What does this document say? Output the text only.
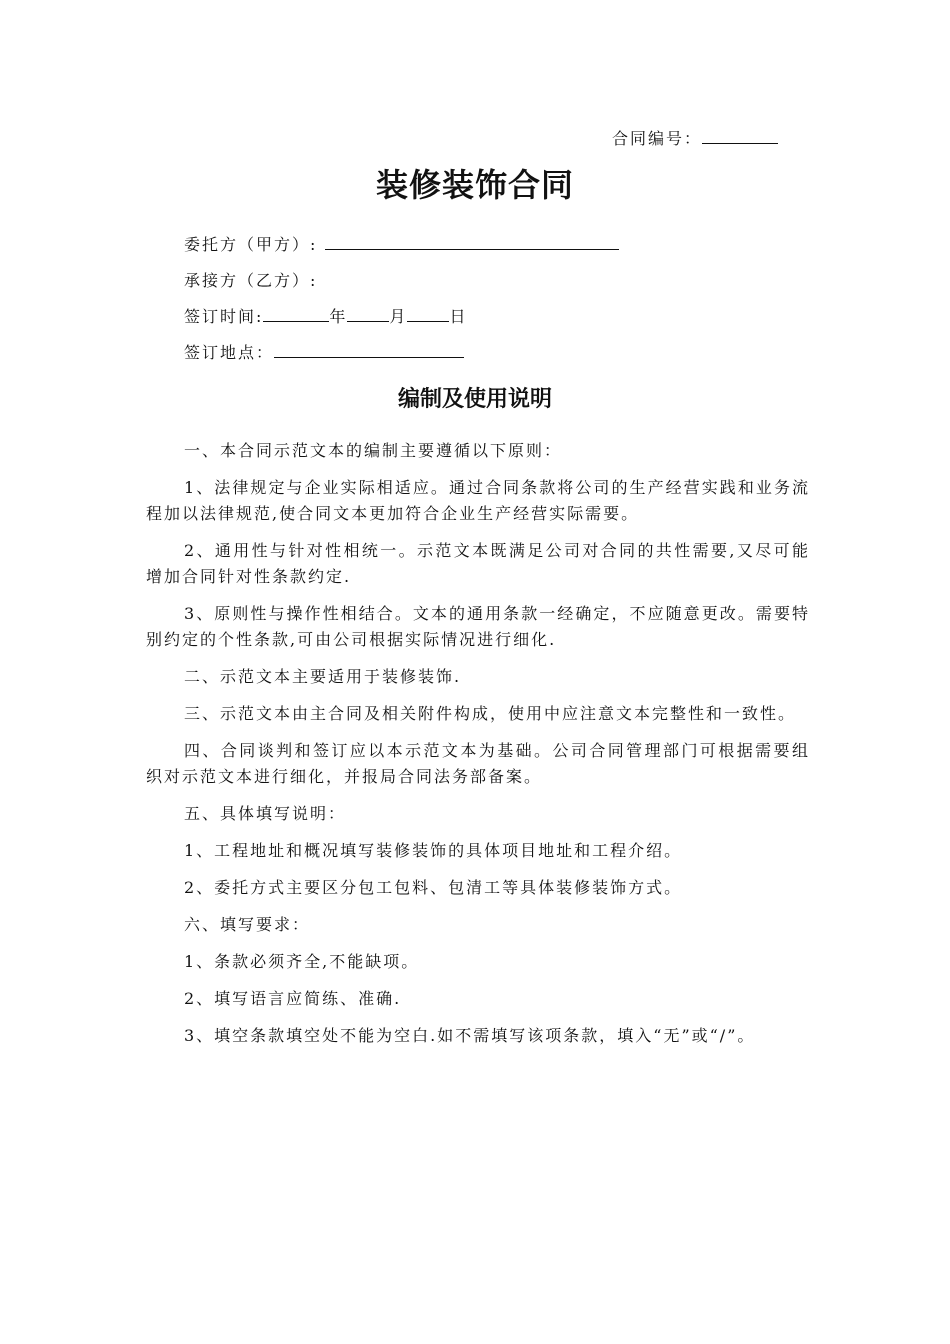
合同编号：
装修装饰合同
委托方（甲方）:
承接方（乙方）:
签订时间:	年	月	日
签订地点：
编制及使用说明

一、本合同示范文本的编制主要遵循以下原则：

1、法律规定与企业实际相适应。通过合同条款将公司的生产经营实践和业务流程加以法律规范,使合同文本更加符合企业生产经营实际需要。

2、通用性与针对性相统一。示范文本既满足公司对合同的共性需要,又尽可能增加合同针对性条款约定.

3、原则性与操作性相结合。文本的通用条款一经确定，不应随意更改。需要特别约定的个性条款,可由公司根据实际情况进行细化.

二、示范文本主要适用于装修装饰.

三、示范文本由主合同及相关附件构成，使用中应注意文本完整性和一致性。

四、合同谈判和签订应以本示范文本为基础。公司合同管理部门可根据需要组织对示范文本进行细化，并报局合同法务部备案。

五、具体填写说明：

1、工程地址和概况填写装修装饰的具体项目地址和工程介绍。

2、委托方式主要区分包工包料、包清工等具体装修装饰方式。

六、填写要求：

1、条款必须齐全,不能缺项。

2、填写语言应简练、准确.

3、填空条款填空处不能为空白.如不需填写该项条款，填入“无”或“/”。
